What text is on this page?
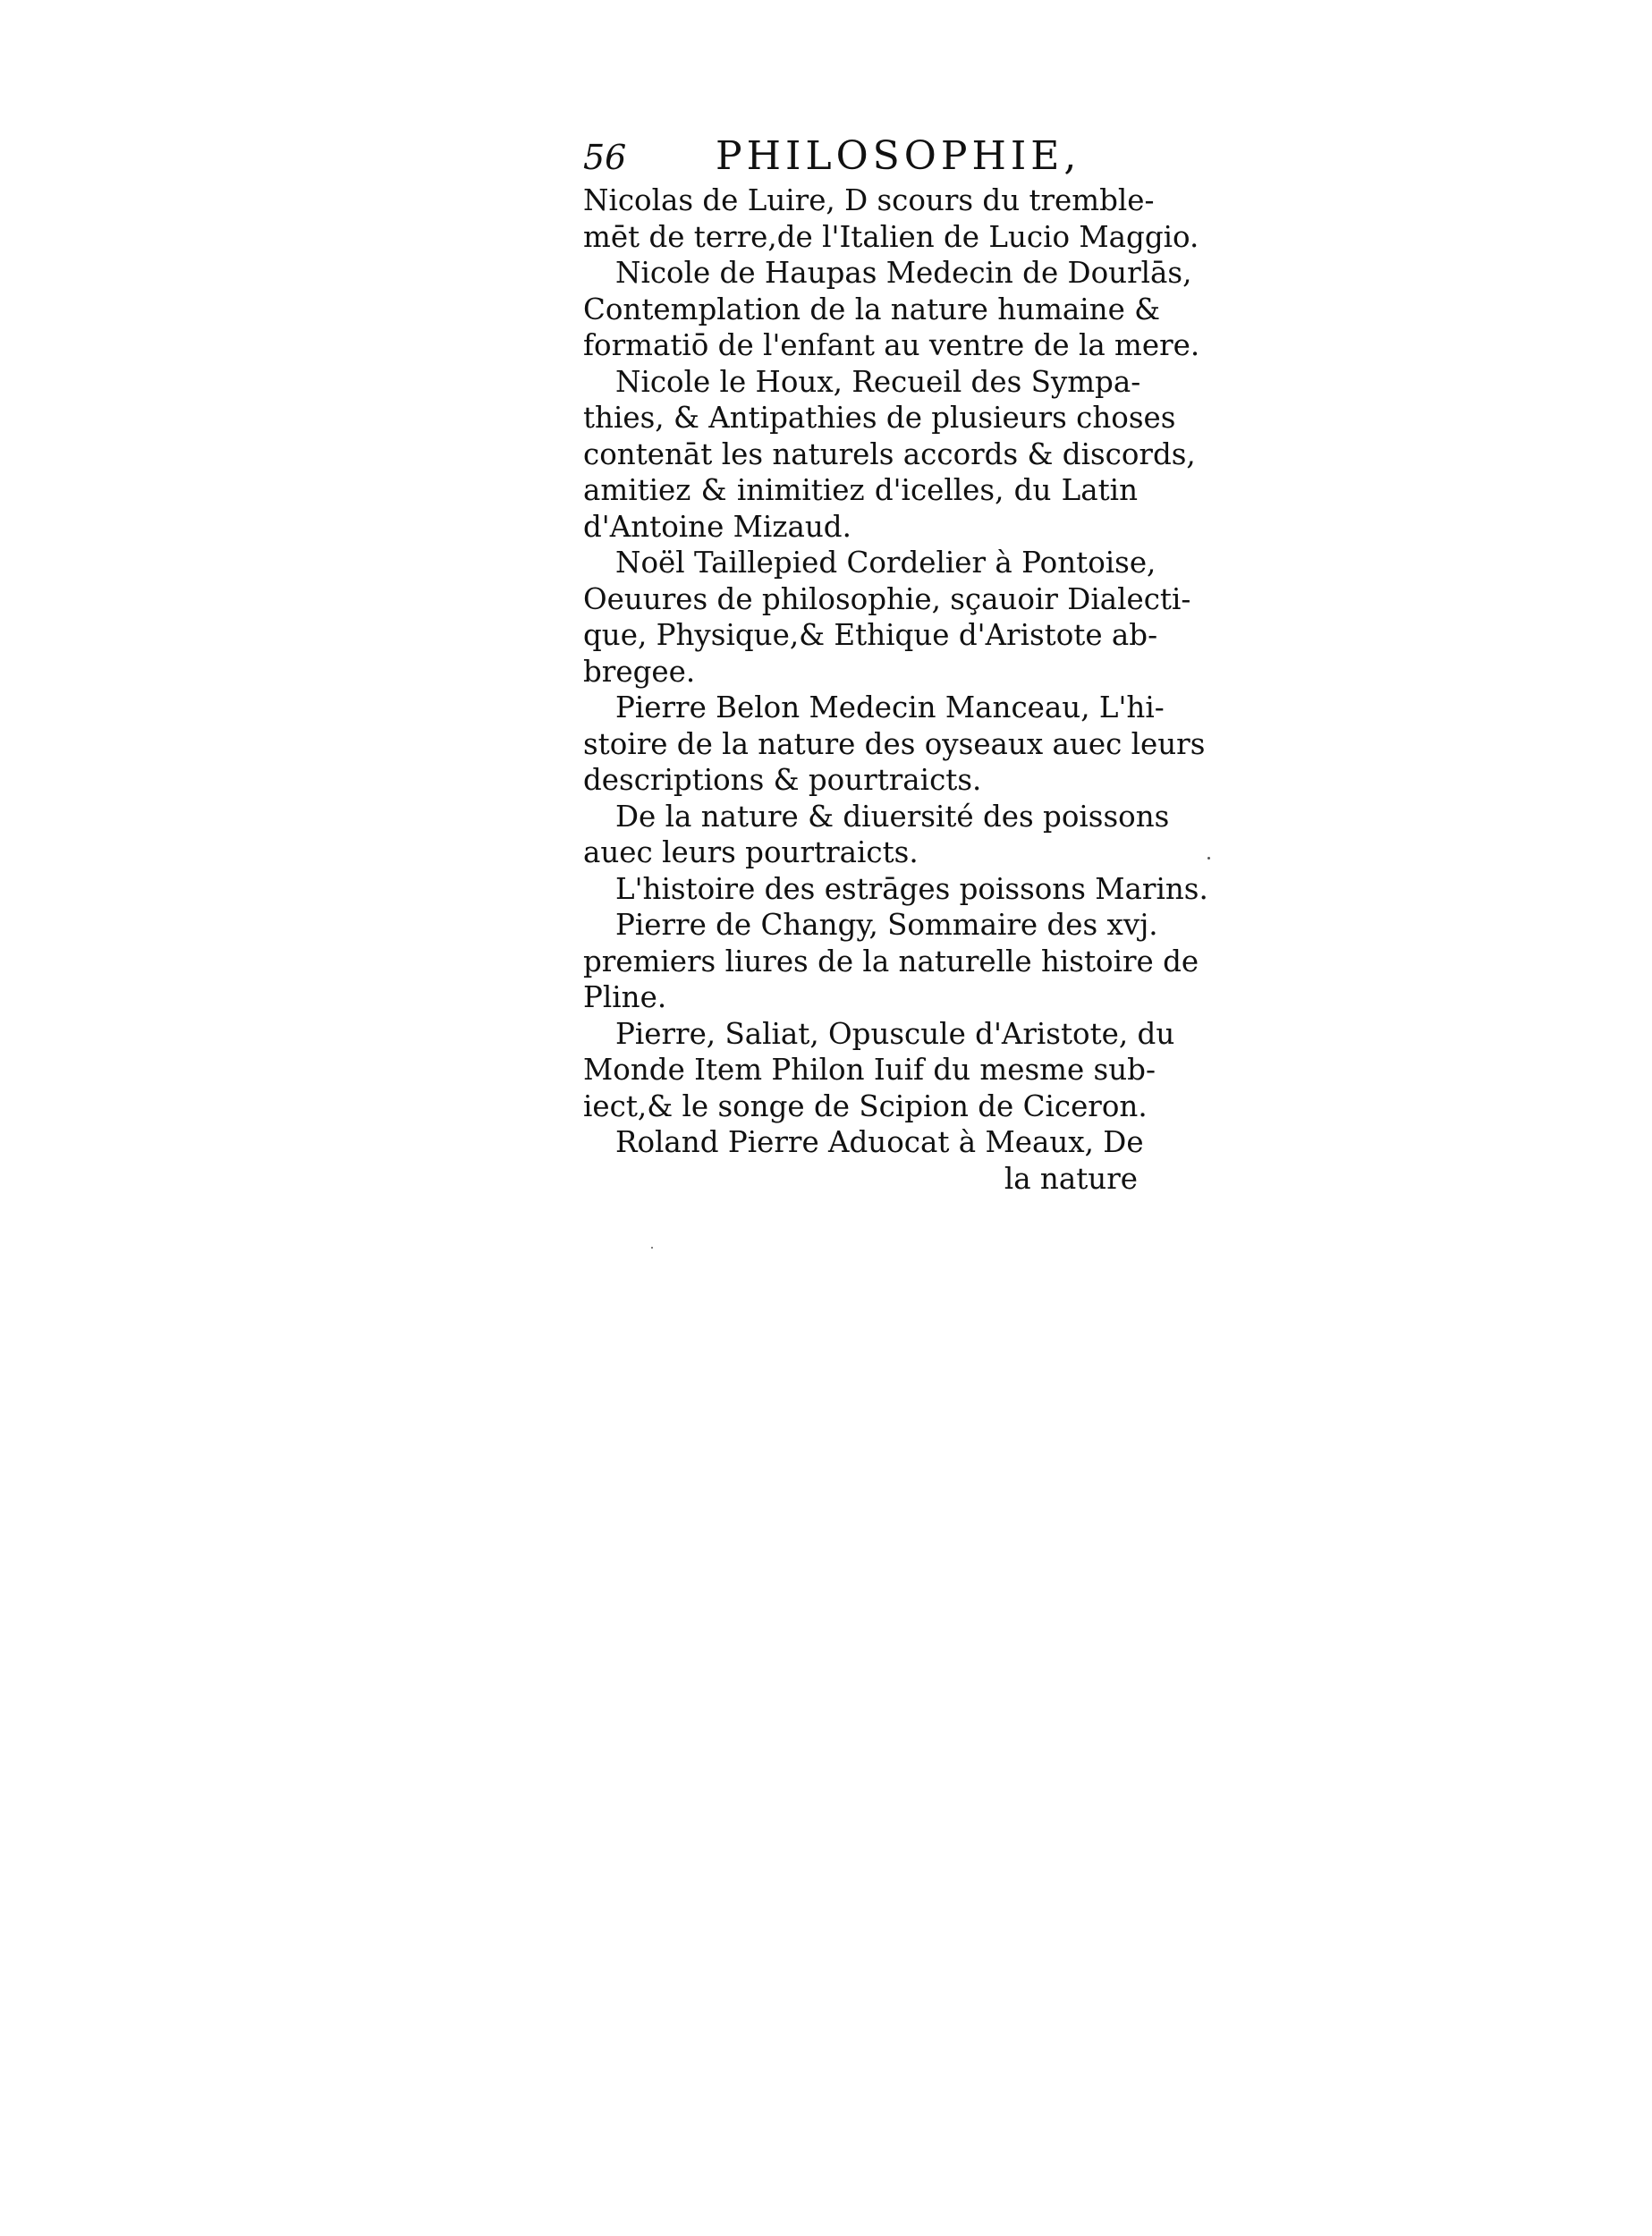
56 PHILOSOPHIE,
Nicolas de Luire, D scours du tremble-
mēt de terre,de l'Italien de Lucio Maggio.
Nicole de Haupas Medecin de Dourlās,
Contemplation de la nature humaine &
formatiō de l'enfant au ventre de la mere.
Nicole le Houx, Recueil des Sympa-
thies, & Antipathies de plusieurs choses
contenāt les naturels accords & discords,
amitiez & inimitiez d'icelles, du Latin
d'Antoine Mizaud.
Noël Taillepied Cordelier à Pontoise,
Oeuures de philosophie, sçauoir Dialecti-
que, Physique,& Ethique d'Aristote ab-
bregee.
Pierre Belon Medecin Manceau, L'hi-
stoire de la nature des oyseaux auec leurs
descriptions & pourtraicts.
De la nature & diuersité des poissons
auec leurs pourtraicts.
L'histoire des estrāges poissons Marins.
Pierre de Changy, Sommaire des xvj.
premiers liures de la naturelle histoire de
Pline.
Pierre, Saliat, Opuscule d'Aristote, du
Monde Item Philon Iuif du mesme sub-
iect,& le songe de Scipion de Ciceron.
Roland Pierre Aduocat à Meaux, De
la nature
